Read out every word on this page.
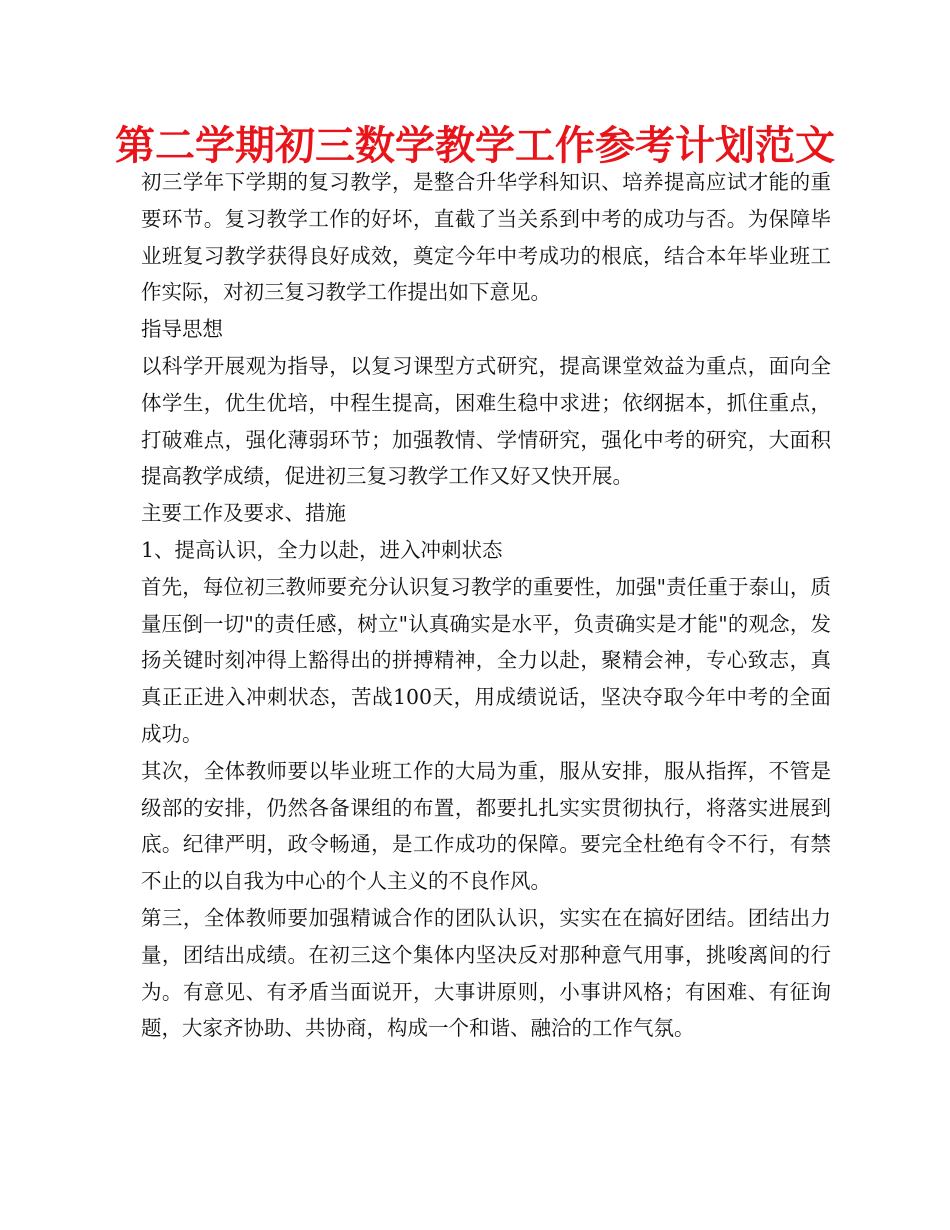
第二学期初三数学教学工作参考计划范文

初三学年下学期的复习教学，是整合升华学科知识、培养提高应试才能的重要环节。复习教学工作的好坏，直截了当关系到中考的成功与否。为保障毕业班复习教学获得良好成效，奠定今年中考成功的根底，结合本年毕业班工作实际，对初三复习教学工作提出如下意见。

指导思想

以科学开展观为指导，以复习课型方式研究，提高课堂效益为重点，面向全体学生，优生优培，中程生提高，困难生稳中求进；依纲据本，抓住重点，打破难点，强化薄弱环节；加强教情、学情研究，强化中考的研究，大面积提高教学成绩，促进初三复习教学工作又好又快开展。

主要工作及要求、措施

1、提高认识，全力以赴，进入冲刺状态

首先，每位初三教师要充分认识复习教学的重要性，加强"责任重于泰山，质量压倒一切"的责任感，树立"认真确实是水平，负责确实是才能"的观念，发扬关键时刻冲得上豁得出的拼搏精神，全力以赴，聚精会神，专心致志，真真正正进入冲刺状态，苦战100天，用成绩说话，坚决夺取今年中考的全面成功。

其次，全体教师要以毕业班工作的大局为重，服从安排，服从指挥，不管是级部的安排，仍然各备课组的布置，都要扎扎实实贯彻执行，将落实进展到底。纪律严明，政令畅通，是工作成功的保障。要完全杜绝有令不行，有禁不止的以自我为中心的个人主义的不良作风。

第三，全体教师要加强精诚合作的团队认识，实实在在搞好团结。团结出力量，团结出成绩。在初三这个集体内坚决反对那种意气用事，挑唆离间的行为。有意见、有矛盾当面说开，大事讲原则，小事讲风格；有困难、有征询题，大家齐协助、共协商，构成一个和谐、融洽的工作气氛。
